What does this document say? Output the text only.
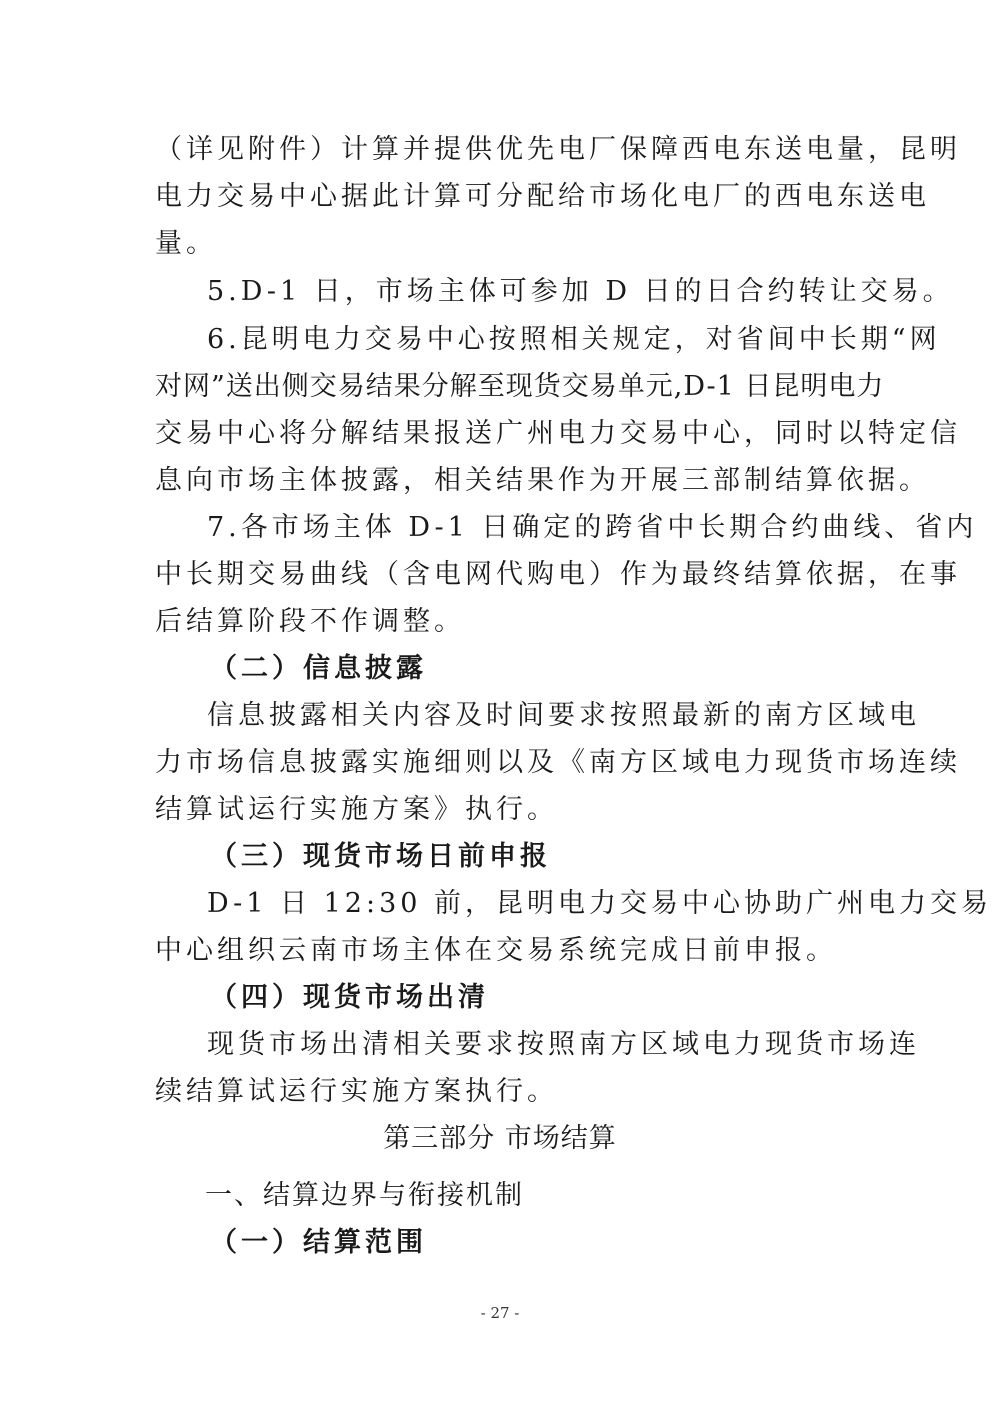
（详见附件）计算并提供优先电厂保障西电东送电量，昆明
电力交易中心据此计算可分配给市场化电厂的西电东送电
量。
5.D-1 日，市场主体可参加 D 日的日合约转让交易。
6.昆明电力交易中心按照相关规定，对省间中长期“网
对网”送出侧交易结果分解至现货交易单元,D-1 日昆明电力
交易中心将分解结果报送广州电力交易中心，同时以特定信
息向市场主体披露，相关结果作为开展三部制结算依据。
7.各市场主体 D-1 日确定的跨省中长期合约曲线、省内
中长期交易曲线（含电网代购电）作为最终结算依据，在事
后结算阶段不作调整。
（二）信息披露
信息披露相关内容及时间要求按照最新的南方区域电
力市场信息披露实施细则以及《南方区域电力现货市场连续
结算试运行实施方案》执行。
（三）现货市场日前申报
D-1 日 12:30 前，昆明电力交易中心协助广州电力交易
中心组织云南市场主体在交易系统完成日前申报。
（四）现货市场出清
现货市场出清相关要求按照南方区域电力现货市场连
续结算试运行实施方案执行。
第三部分 市场结算
一、结算边界与衔接机制
（一）结算范围
- 27 -
